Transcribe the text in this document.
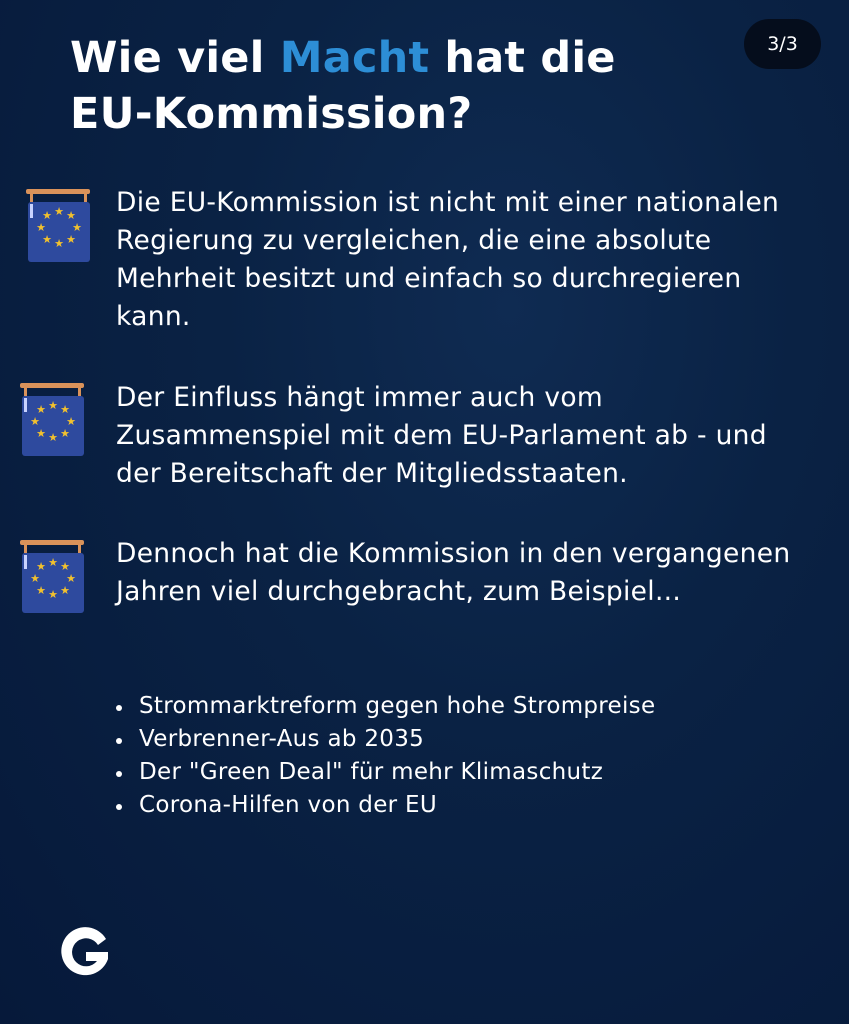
Wie viel Macht hat die
EU-Kommission?
3/3
★ ★
★
★
★
★
★
★ Die EU-Kommission ist nicht mit einer nationalen Regierung zu vergleichen, die eine absolute Mehrheit besitzt und einfach so durchregieren kann.
★ ★
★
★
★
★
★
★	Der Einfluss hängt immer auch vom Zusammenspiel mit dem EU-Parlament ab - und der Bereitschaft der Mitgliedsstaaten.
★ ★
★
★
★
★
★
★	Dennoch hat die Kommission in den vergangenen Jahren viel durchgebracht, zum Beispiel...
Strommarktreform gegen hohe Strompreise
Verbrenner-Aus ab 2035
Der "Green Deal" für mehr Klimaschutz
Corona-Hilfen von der EU
